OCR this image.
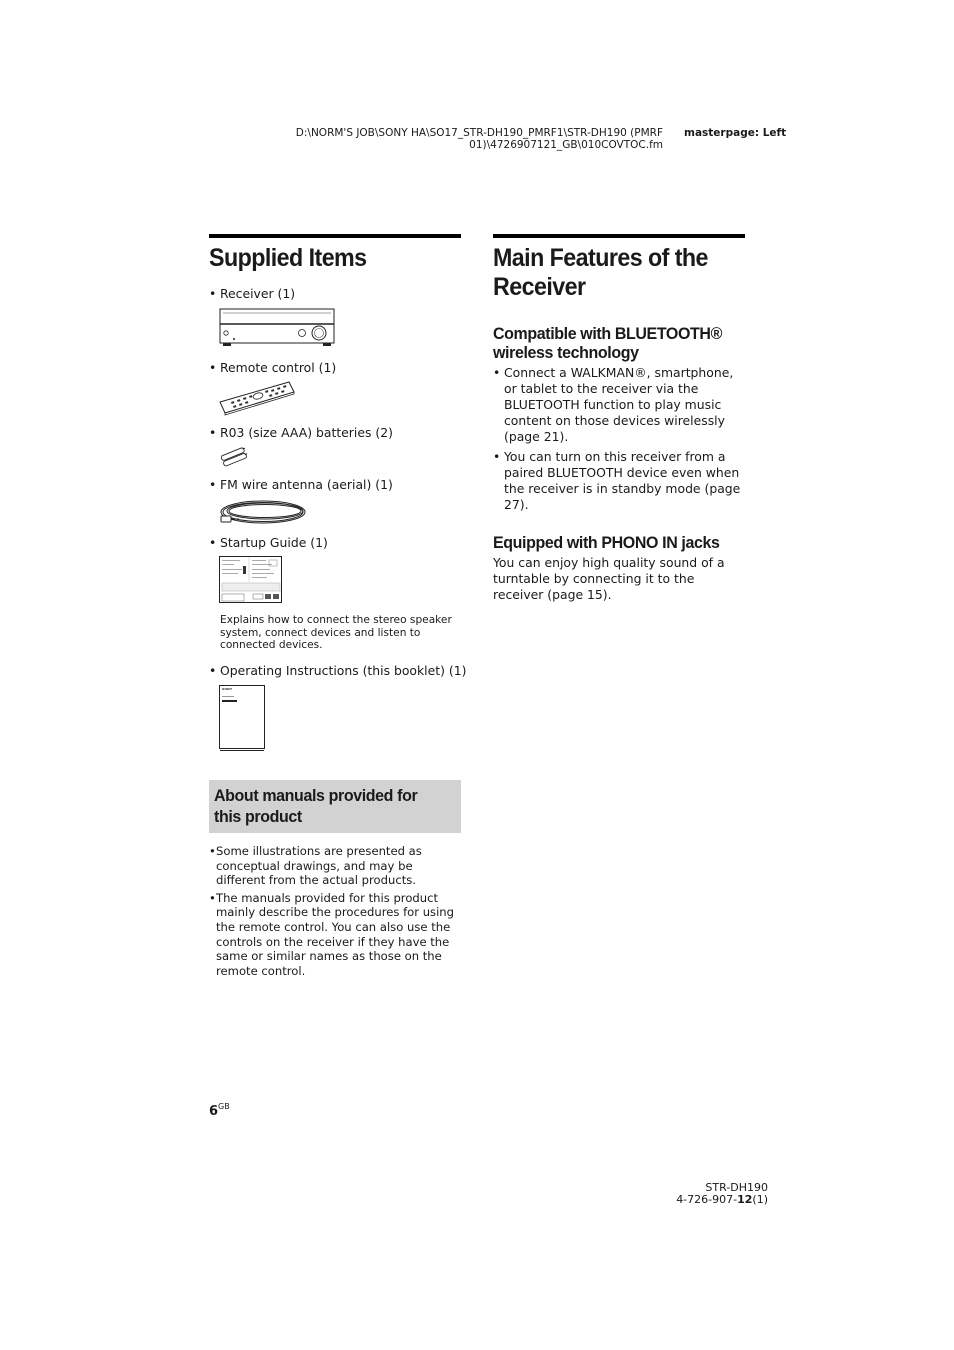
D:\NORM'S JOB\SONY HA\SO17_STR-DH190_PMRF1\STR-DH190 (PMRF
01)\4726907121_GB\010COVTOC.fm
masterpage: Left
Supplied Items
• Receiver (1)
• Remote control (1)
• R03 (size AAA) batteries (2)
• FM wire antenna (aerial) (1)
• Startup Guide (1)
Explains how to connect the stereo speaker system, connect devices and listen to connected devices.
• Operating Instructions (this booklet) (1)
SONY
About manuals provided for this product
• Some illustrations are presented as conceptual drawings, and may be different from the actual products.
• The manuals provided for this product mainly describe the procedures for using the remote control. You can also use the controls on the receiver if they have the same or similar names as those on the remote control.
Main Features of the Receiver
Compatible with BLUETOOTH® wireless technology
• Connect a WALKMAN®, smartphone, or tablet to the receiver via the BLUETOOTH function to play music content on those devices wirelessly (page 21).
• You can turn on this receiver from a paired BLUETOOTH device even when the receiver is in standby mode (page 27).
Equipped with PHONO IN jacks
You can enjoy high quality sound of a turntable by connecting it to the receiver (page 15).
$6^{GB}$
STR-DH190
4-726-907-12(1)
